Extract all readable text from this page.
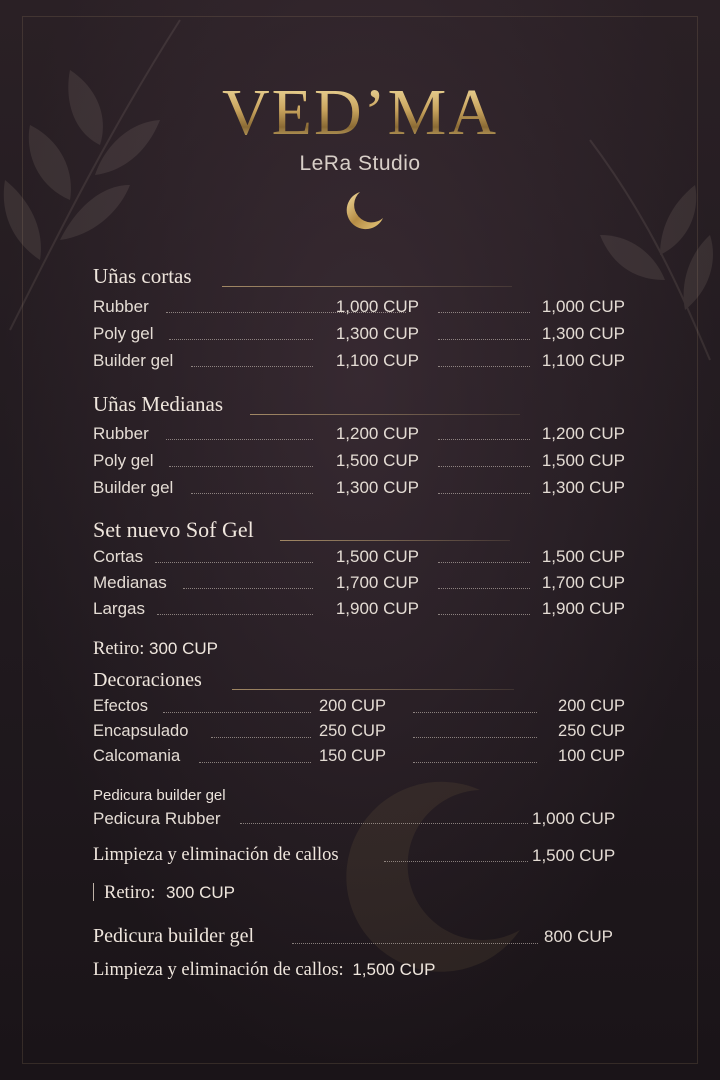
VED’MA
LeRa Studio
Uñas cortas
Rubber	1,000 CUP	1,000 CUP
Poly gel	1,300 CUP	1,300 CUP
Builder gel	1,100 CUP	1,100 CUP
Uñas Medianas
Rubber	1,200 CUP	1,200 CUP
Poly gel	1,500 CUP	1,500 CUP
Builder gel	1,300 CUP	1,300 CUP
Set nuevo Sof Gel
Cortas	1,500 CUP	1,500 CUP
Medianas	1,700 CUP	1,700 CUP
Largas	1,900 CUP	1,900 CUP
Retiro: 300 CUP
Decoraciones
Efectos	200 CUP	200 CUP
Encapsulado	250 CUP	250 CUP
Calcomania	150 CUP	100 CUP
Pedicura builder gel
Pedicura Rubber	1,000 CUP
Limpieza y eliminación de callos	1,500 CUP
Retiro: 300 CUP
Pedicura builder gel	800 CUP
Limpieza y eliminación de callos: 1,500 CUP
